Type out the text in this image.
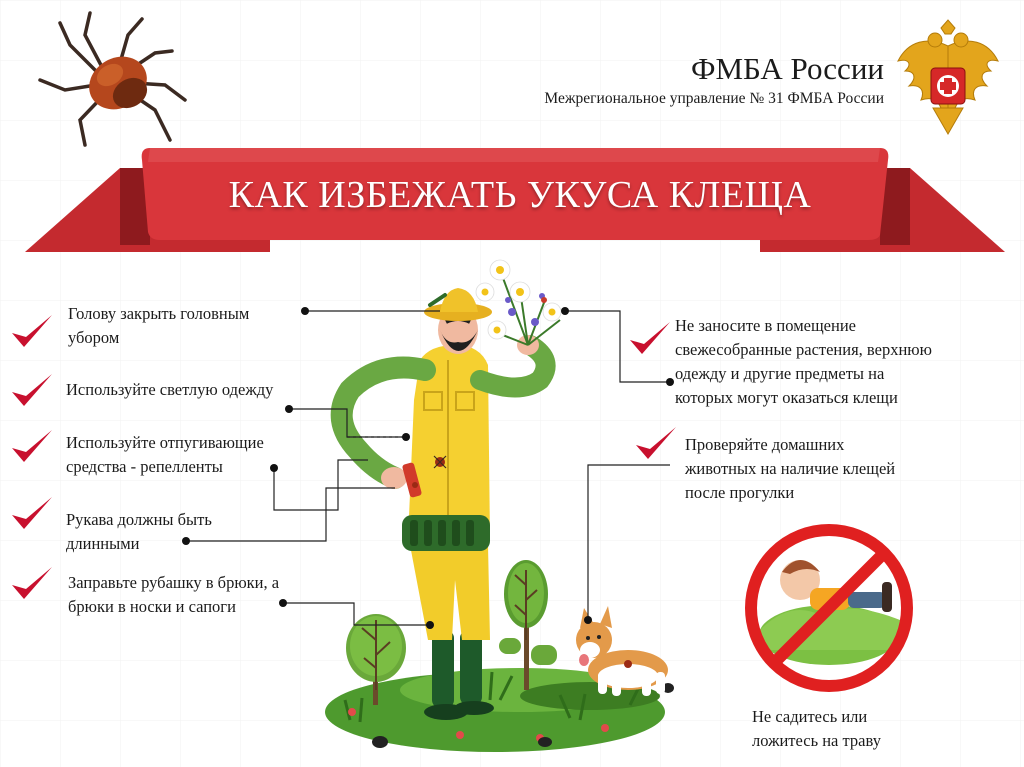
ФМБА России
Межрегиональное управление № 31 ФМБА России
КАК ИЗБЕЖАТЬ УКУСА КЛЕЩА
Голову закрыть головным
убором
Используйте светлую одежду
Используйте отпугивающие
средства - репелленты
Рукава должны быть
длинными
Заправьте рубашку в брюки, а
брюки в носки и сапоги
Не заносите в помещение
свежесобранные растения, верхнюю
одежду и другие предметы на
которых могут оказаться клещи
Проверяйте домашних
животных на наличие клещей
после прогулки
Не садитесь или
ложитесь на траву
